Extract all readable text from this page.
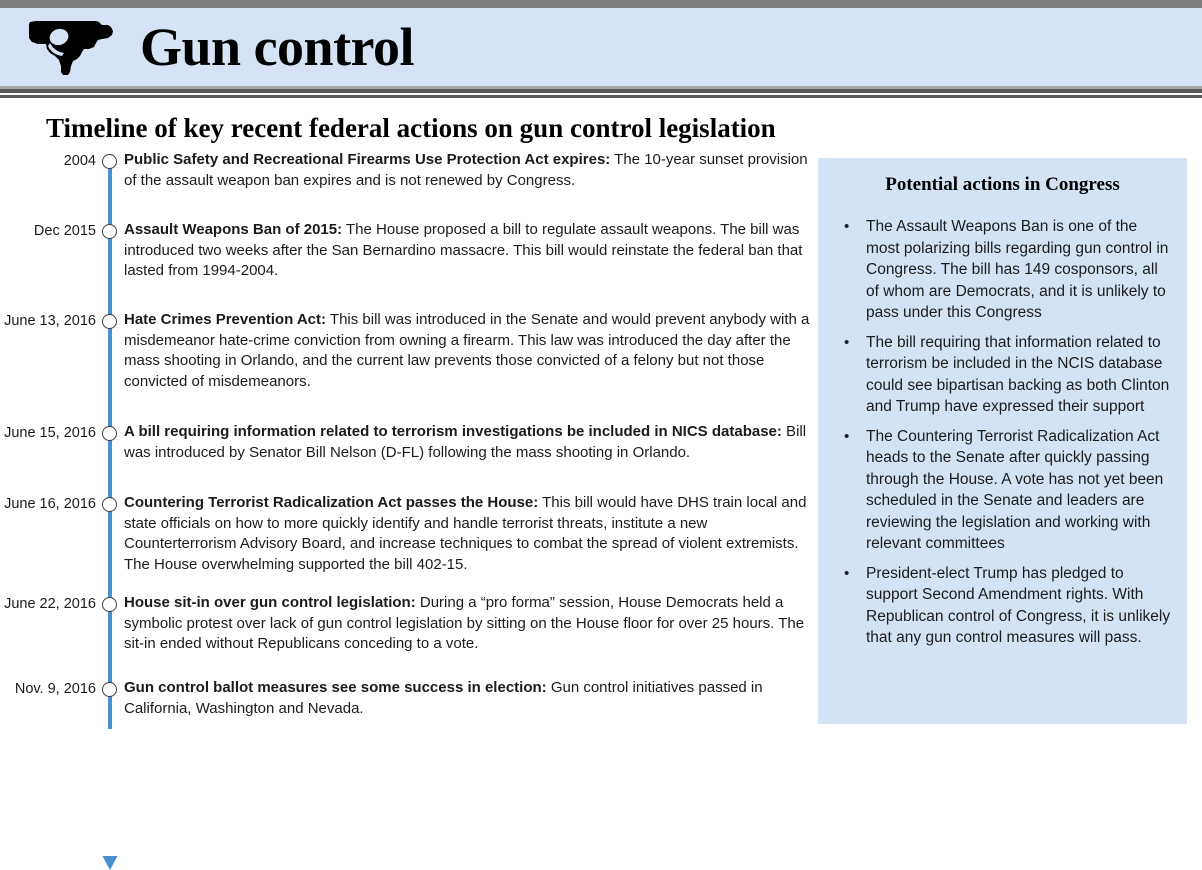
Gun control
Timeline of key recent federal actions on gun control legislation
2004 Public Safety and Recreational Firearms Use Protection Act expires: The 10-year sunset provision of the assault weapon ban expires and is not renewed by Congress.
Dec 2015 Assault Weapons Ban of 2015: The House proposed a bill to regulate assault weapons. The bill was introduced two weeks after the San Bernardino massacre. This bill would reinstate the federal ban that lasted from 1994-2004.
June 13, 2016 Hate Crimes Prevention Act: This bill was introduced in the Senate and would prevent anybody with a misdemeanor hate-crime conviction from owning a firearm. This law was introduced the day after the mass shooting in Orlando, and the current law prevents those convicted of a felony but not those convicted of misdemeanors.
June 15, 2016 A bill requiring information related to terrorism investigations be included in NICS database: Bill was introduced by Senator Bill Nelson (D-FL) following the mass shooting in Orlando.
June 16, 2016 Countering Terrorist Radicalization Act passes the House: This bill would have DHS train local and state officials on how to more quickly identify and handle terrorist threats, institute a new Counterterrorism Advisory Board, and increase techniques to combat the spread of violent extremists. The House overwhelming supported the bill 402-15.
June 22, 2016 House sit-in over gun control legislation: During a “pro forma” session, House Democrats held a symbolic protest over lack of gun control legislation by sitting on the House floor for over 25 hours. The sit-in ended without Republicans conceding to a vote.
Nov. 9, 2016 Gun control ballot measures see some success in election: Gun control initiatives passed in California, Washington and Nevada.
Potential actions in Congress
• The Assault Weapons Ban is one of the most polarizing bills regarding gun control in Congress. The bill has 149 cosponsors, all of whom are Democrats, and it is unlikely to pass under this Congress
• The bill requiring that information related to terrorism be included in the NCIS database could see bipartisan backing as both Clinton and Trump have expressed their support
• The Countering Terrorist Radicalization Act heads to the Senate after quickly passing through the House. A vote has not yet been scheduled in the Senate and leaders are reviewing the legislation and working with relevant committees
• President-elect Trump has pledged to support Second Amendment rights. With Republican control of Congress, it is unlikely that any gun control measures will pass.
